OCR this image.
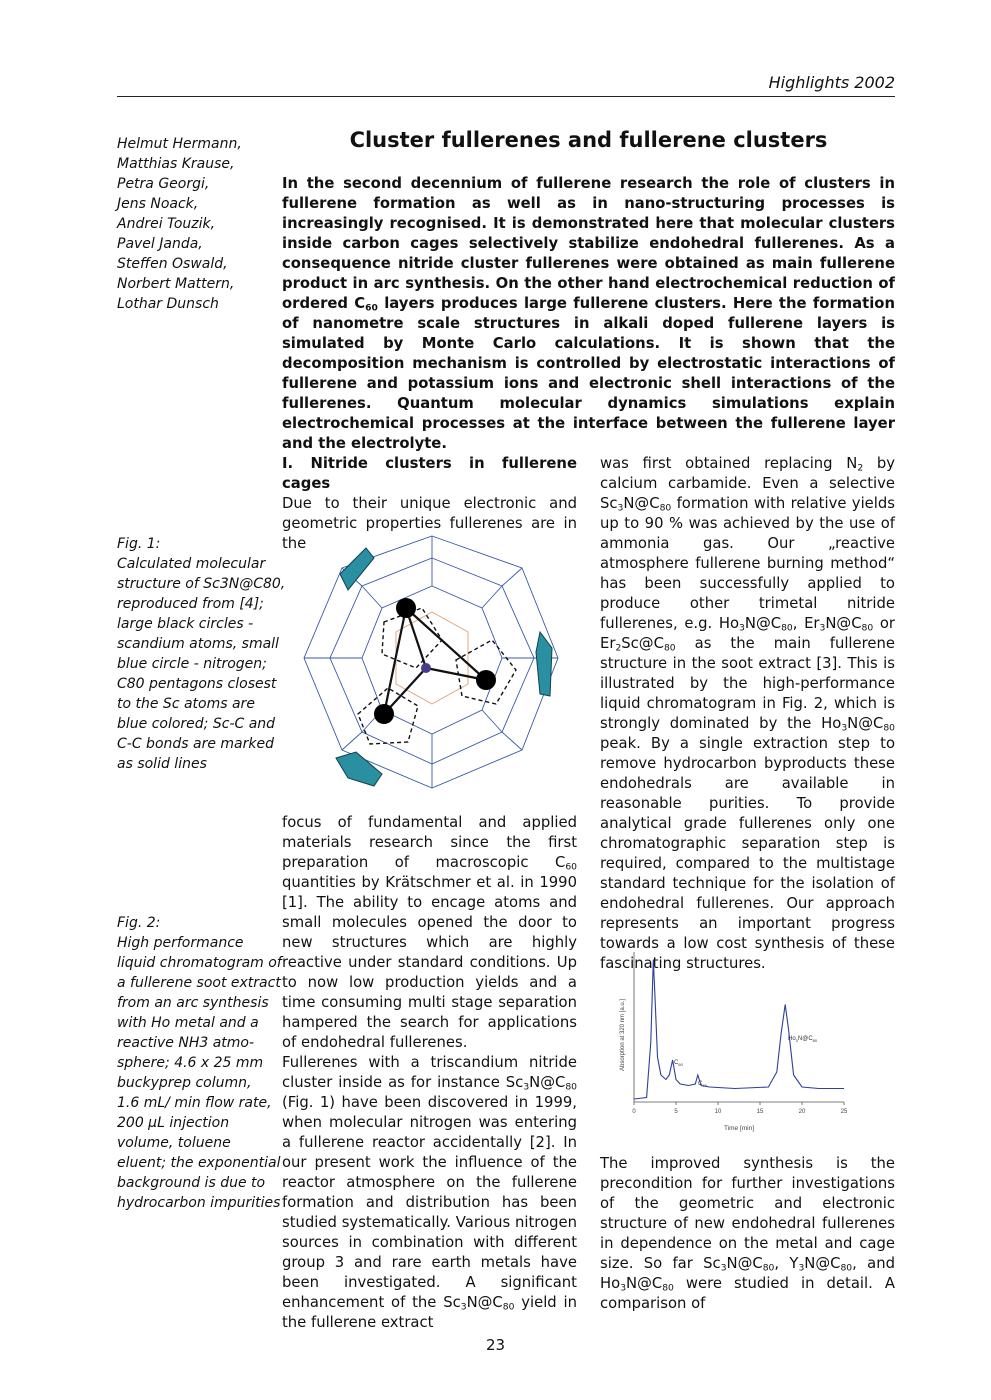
Highlights 2002
Cluster fullerenes and fullerene clusters
Helmut Hermann,
Matthias Krause,
Petra Georgi,
Jens Noack,
Andrei Touzik,
Pavel Janda,
Steffen Oswald,
Norbert Mattern,
Lothar Dunsch
In the second decennium of fullerene research the role of clusters in fullerene formation as well as in nano-structuring processes is increasingly recognised. It is demonstrated here that molecular clusters inside carbon cages selectively stabilize endohedral fullerenes. As a consequence nitride cluster fullerenes were obtained as main fullerene product in arc synthesis. On the other hand electrochemical reduction of ordered $C_{60}$ layers produces large fullerene clusters. Here the formation of nanometre scale structures in alkali doped fullerene layers is simulated by Monte Carlo calculations. It is shown that the decomposition mechanism is controlled by electrostatic interactions of fullerene and potassium ions and electronic shell interactions of the fullerenes. Quantum molecular dynamics simulations explain electrochemical processes at the interface between the fullerene layer and the electrolyte.
Fig. 1:
Calculated molecular
structure of Sc3N@C80,
reproduced from [4];
large black circles -
scandium atoms, small
blue circle - nitrogen;
C80 pentagons closest
to the Sc atoms are
blue colored; Sc-C and
C-C bonds are marked
as solid lines
Fig. 2:
High performance
liquid chromatogram of
a fullerene soot extract
from an arc synthesis
with Ho metal and a
reactive NH3 atmo-
sphere; 4.6 x 25 mm
buckyprep column,
1.6 mL/ min flow rate,
200 µL injection
volume, toluene
eluent; the exponential
background is due to
hydrocarbon impurities

I. Nitride clusters in fullerene cages

Due to their unique electronic and geometric properties fullerenes are in the

focus of fundamental and applied materials research since the first preparation of macroscopic $C_{60}$ quantities by Krätschmer et al. in 1990 [1]. The ability to encage atoms and small molecules opened the door to new structures which are highly reactive under standard conditions. Up to now low production yields and a time consuming multi stage separation hampered the search for applications of endohedral fullerenes.

Fullerenes with a triscandium nitride cluster inside as for instance $Sc_3N@C_{80}$ (Fig. 1) have been discovered in 1999, when molecular nitrogen was entering a fullerene reactor accidentally [2]. In our present work the influence of the reactor atmosphere on the fullerene formation and distribution has been studied systematically. Various nitrogen sources in combination with different group 3 and rare earth metals have been investigated. A significant enhancement of the $Sc_3N@C_{80}$ yield in the fullerene extract

was first obtained replacing $N_2$ by calcium carbamide. Even a selective $Sc_3N@C_{80}$ formation with relative yields up to 90 % was achieved by the use of ammonia gas. Our „reactive atmosphere fullerene burning method“ has been successfully applied to produce other trimetal nitride fullerenes, e.g. $Ho_3N@C_{80}$, $Er_3N@C_{80}$ or $Er_2Sc@C_{80}$ as the main fullerene structure in the soot extract [3]. This is illustrated by the high-performance liquid chromatogram in Fig. 2, which is strongly dominated by the $Ho_3N@C_{80}$ peak. By a single extraction step to remove hydrocarbon byproducts these endohedrals are available in reasonable purities. To provide analytical grade fullerenes only one chromatographic separation step is required, compared to the multistage standard technique for the isolation of endohedral fullerenes. Our approach represents an important progress towards a low cost synthesis of these fascinating structures.

Absorption at 320 nm [a.u.]
0	5	10	15	20	25
Time [min]
$C_{60}$
$C_{70}$
$Ho_3N@C_{80}$

The improved synthesis is the precondition for further investigations of the geometric and electronic structure of new endohedral fullerenes in dependence on the metal and cage size. So far $Sc_3N@C_{80}$, $Y_3N@C_{80}$, and $Ho_3N@C_{80}$ were studied in detail. A comparison of

23
